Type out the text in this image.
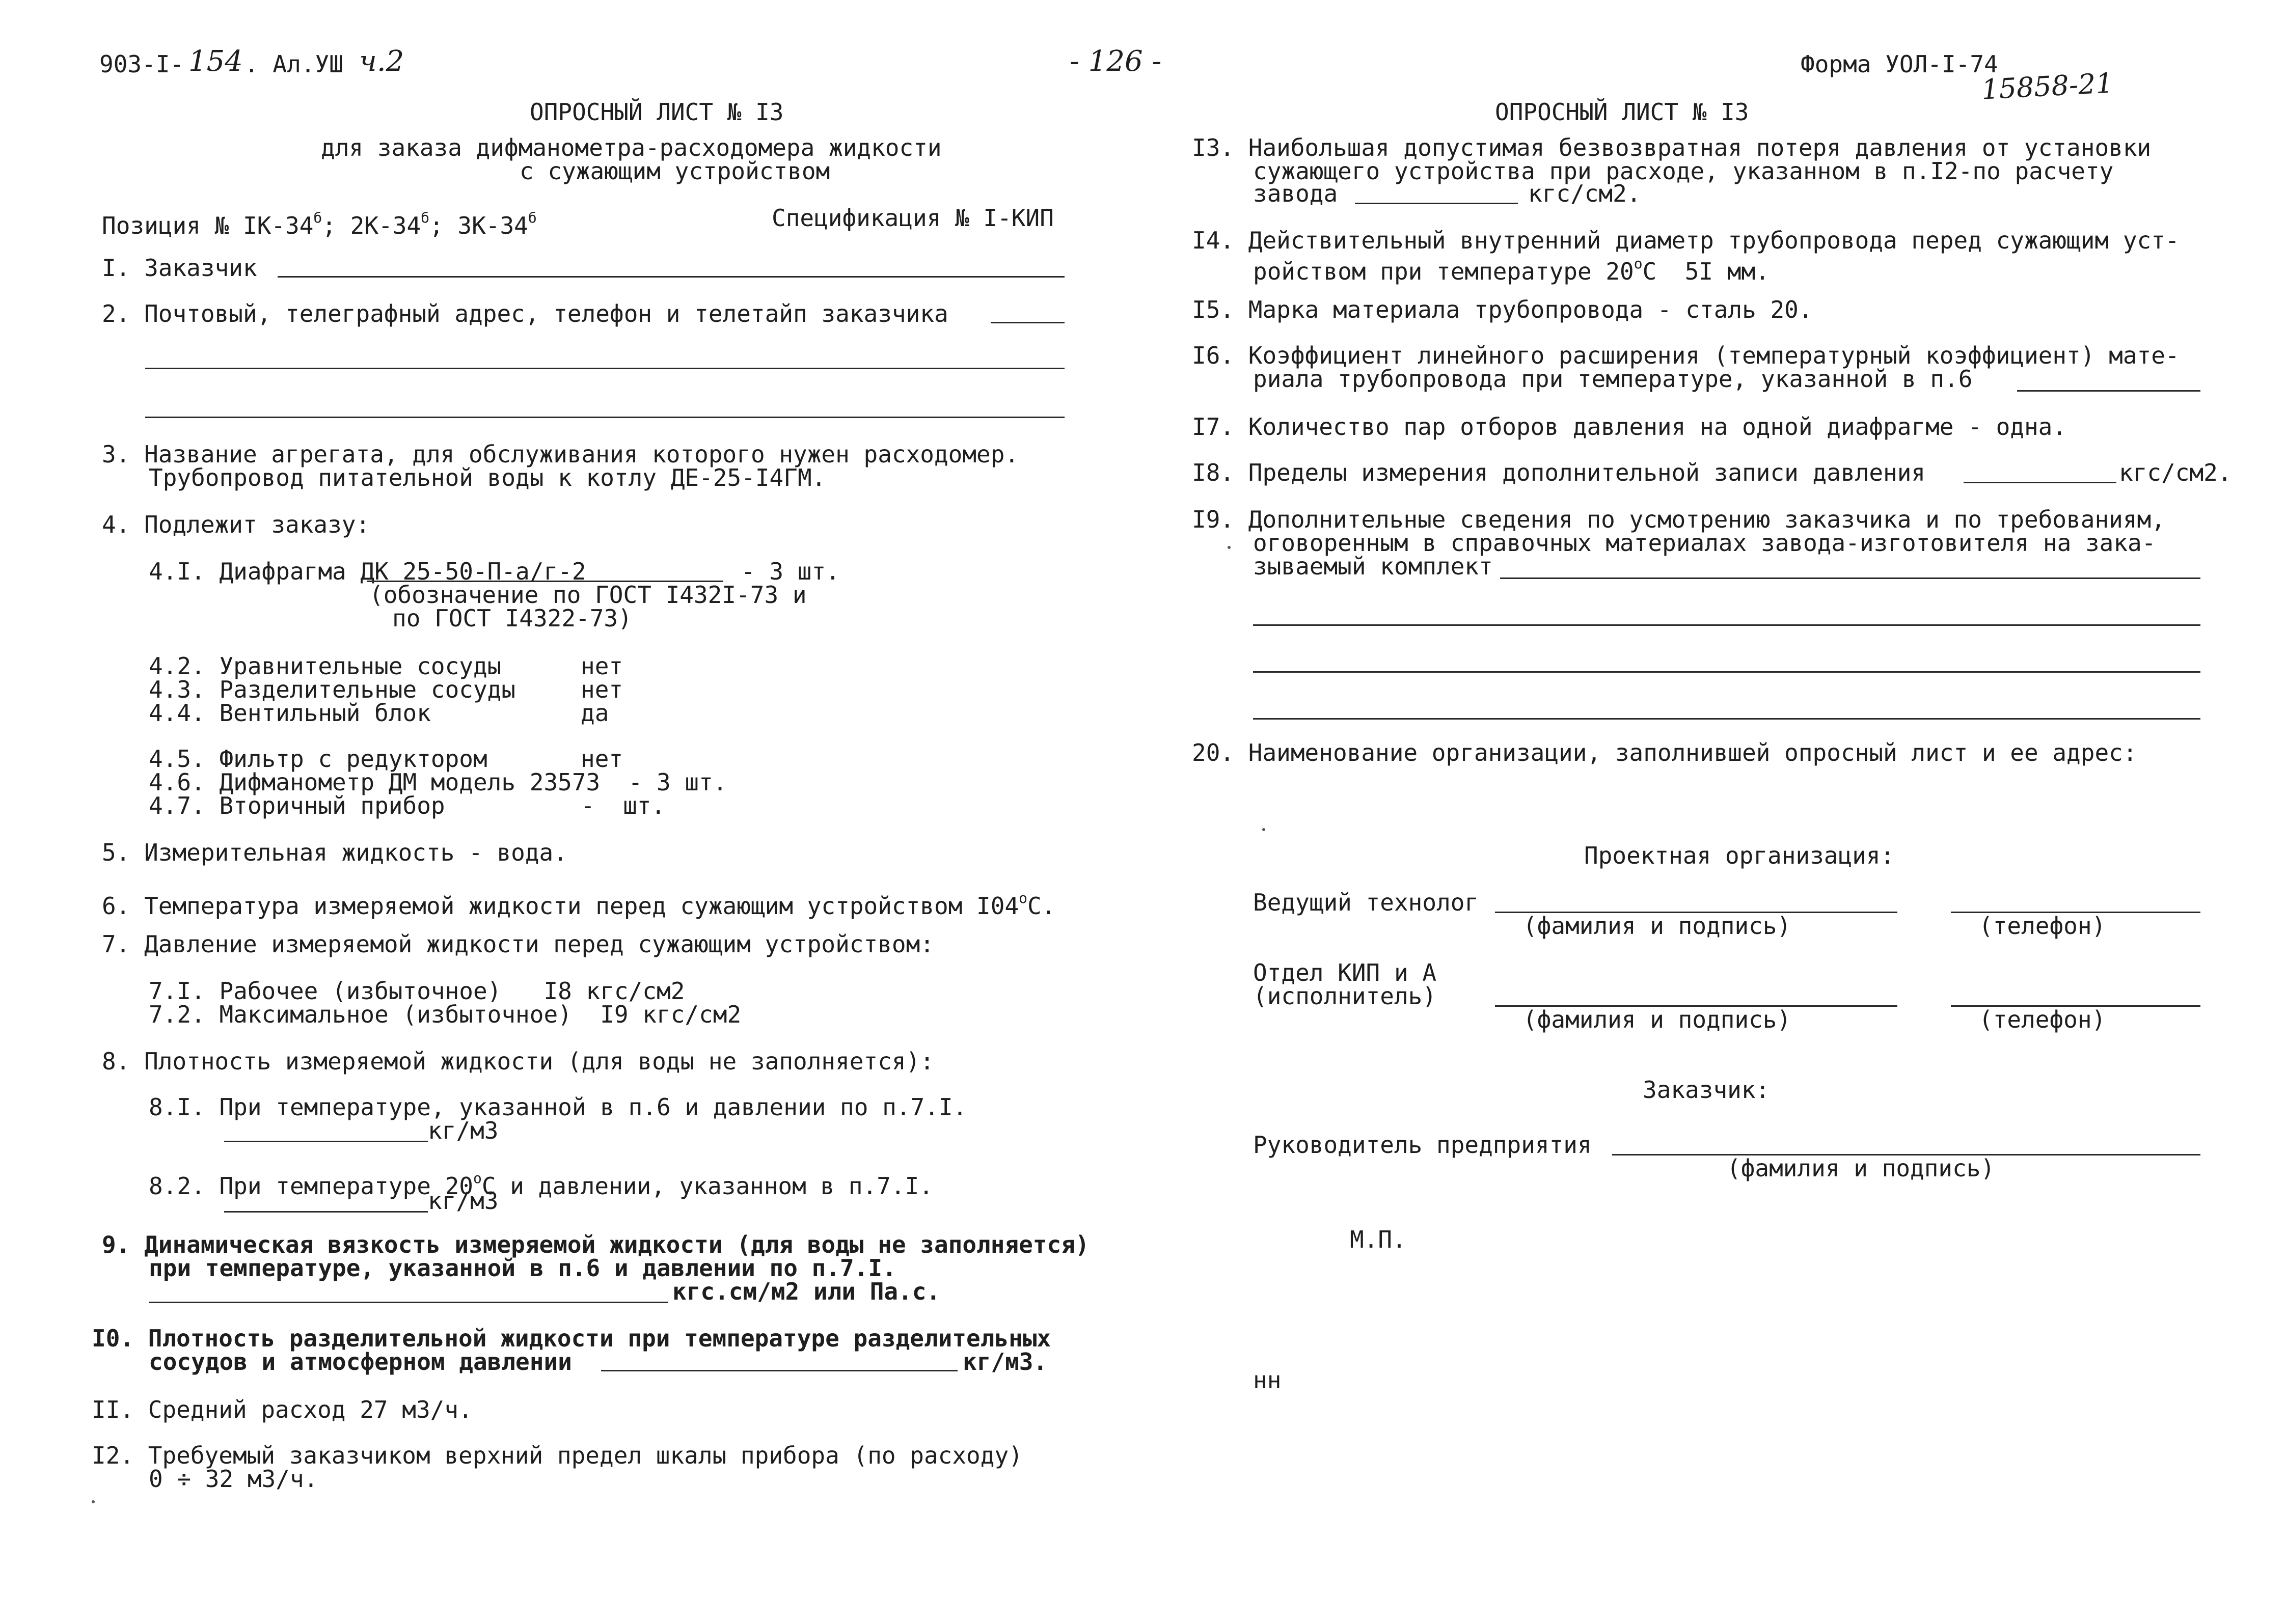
903-I- 154 . Ал.УШ ч.2	- 126 -	Форма УОЛ-I-74
15858-21
ОПРОСНЫЙ ЛИСТ № I3
для заказа дифманометра-расходомера жидкости
с сужающим устройством
Позиция № $IК-34^б$; $2К-34^б$; $3К-34^б$	Спецификация № I-КИП
I. Заказчик
2. Почтовый, телеграфный адрес, телефон и телетайп заказчика
3. Название агрегата, для обслуживания которого нужен расходомер.
Трубопровод питательной воды к котлу ДЕ-25-I4ГМ.
4. Подлежит заказу:
4.I. Диафрагма ДК 25-50-П-а/г-2	- 3 шт.
(обозначение по ГОСТ I432I-73 и
по ГОСТ I4322-73)
4.2. Уравнительные сосуды	нет
4.3. Разделительные сосуды	нет
4.4. Вентильный блок	да
4.5. Фильтр с редуктором	нет
4.6. Дифманометр ДМ модель 23573  - 3 шт.
4.7. Вторичный прибор	-  шт.
5. Измерительная жидкость - вода.
6. Температура измеряемой жидкости перед сужающим устройством $I04^оС$.
7. Давление измеряемой жидкости перед сужающим устройством:
7.I. Рабочее (избыточное)   I8 кгс/см2
7.2. Максимальное (избыточное)  I9 кгс/см2
8. Плотность измеряемой жидкости (для воды не заполняется):
8.I. При температуре, указанной в п.6 и давлении по п.7.I.
кг/м3
8.2. При температуре $20^оС$ и давлении, указанном в п.7.I.
кг/м3
9. Динамическая вязкость измеряемой жидкости (для воды не заполняется)
при температуре, указанной в п.6 и давлении по п.7.I.
кгс.см/м2 или Па.с.
I0. Плотность разделительной жидкости при температуре разделительных
сосудов и атмосферном давлении	кг/м3.
II. Средний расход 27 м3/ч.
I2. Требуемый заказчиком верхний предел шкалы прибора (по расходу)
0 ÷ 32 м3/ч.
ОПРОСНЫЙ ЛИСТ № I3
I3. Наибольшая допустимая безвозвратная потеря давления от установки
сужающего устройства при расходе, указанном в п.I2-по расчету
завода	кгс/см2.
I4. Действительный внутренний диаметр трубопровода перед сужающим уст-
ройством при температуре $20^оС$  5I мм.
I5. Марка материала трубопровода - сталь 20.
I6. Коэффициент линейного расширения (температурный коэффициент) мате-
риала трубопровода при температуре, указанной в п.6
I7. Количество пар отборов давления на одной диафрагме - одна.
I8. Пределы измерения дополнительной записи давления	кгс/см2.
I9. Дополнительные сведения по усмотрению заказчика и по требованиям,
оговоренным в справочных материалах завода-изготовителя на зака-
зываемый комплект
20. Наименование организации, заполнившей опросный лист и ее адрес:
Проектная организация:
Ведущий технолог
(фамилия и подпись)	(телефон)
Отдел КИП и А
(исполнитель)
(фамилия и подпись)	(телефон)
Заказчик:
Руководитель предприятия
(фамилия и подпись)
М.П.
нн
